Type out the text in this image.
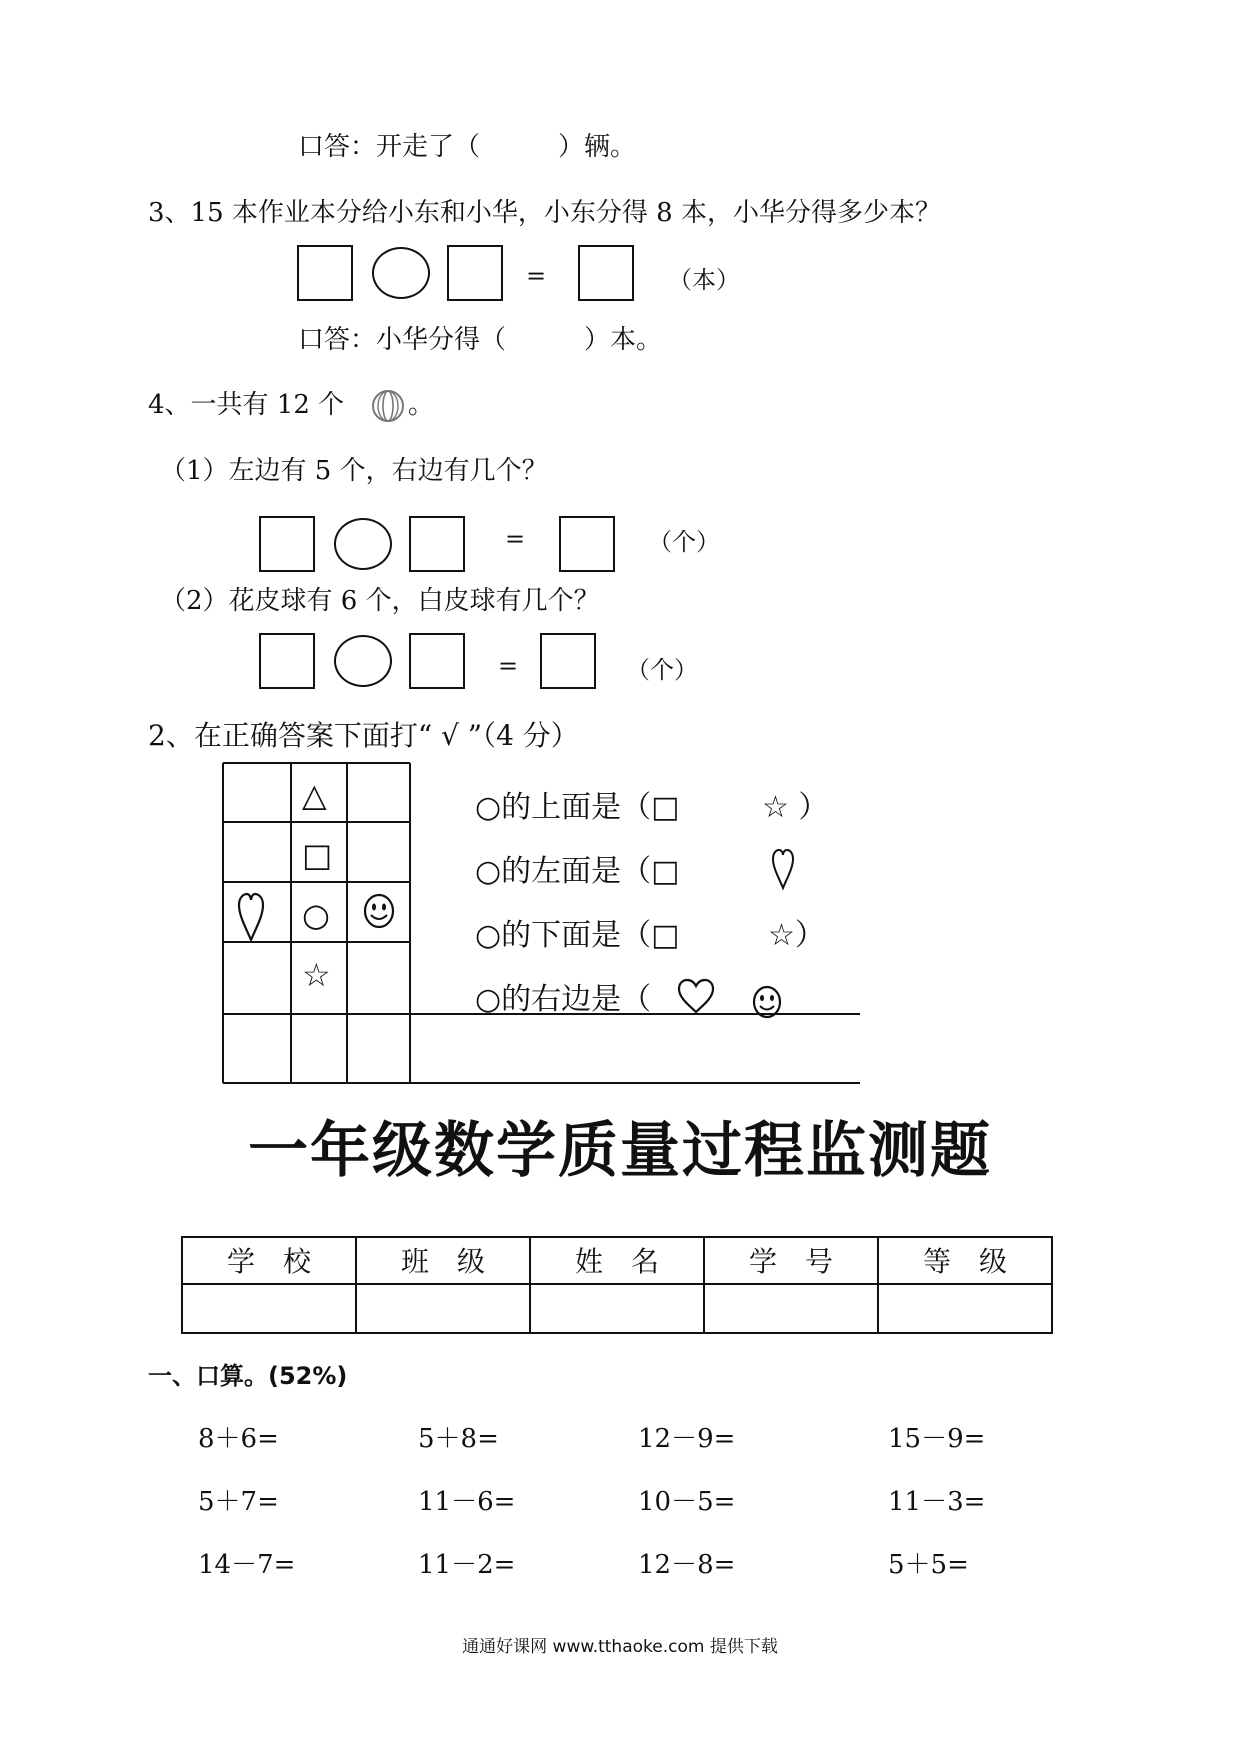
口答：开走了（　　　）辆。
3、15 本作业本分给小东和小华，小东分得 8 本，小华分得多少本？
=	（本）
口答：小华分得（　　　）本。
4、一共有 12 个 。
（1）左边有 5 个，右边有几个？
=	（个）
（2）花皮球有 6 个，白皮球有几个？
=	（个）
2、在正确答案下面打“ √ ”（4 分）
△
□
○
☆
○的上面是（□	☆ ）
○的左面是（□
○的下面是（□	☆）
○的右边是（
一年级数学质量过程监测题
学　校	班　级	姓　名	学　号	等　级

一、口算。(52%)
8＋6=	5＋8=	12－9=	15－9=
5＋7=	11－6=	10－5=	11－3=
14－7=	11－2=	12－8=	5＋5=
通通好课网 www.tthaoke.com 提供下载
